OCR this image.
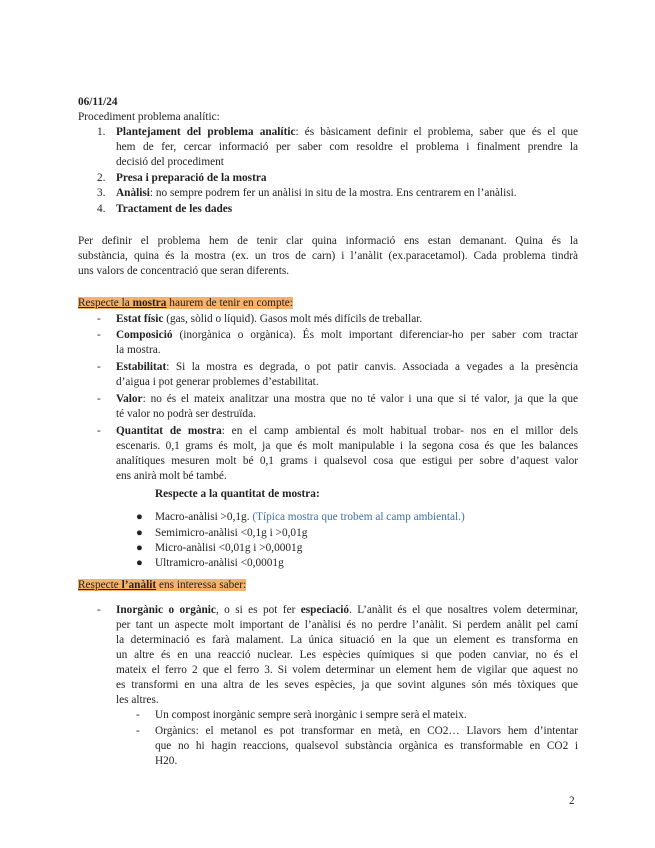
06/11/24
Procediment problema analític:
1. Plantejament del problema analític: és bàsicament definir el problema, saber que és el que
hem de fer, cercar informació per saber com resoldre el problema i finalment prendre la
decisió del procediment
2. Presa i preparació de la mostra
3. Anàlisi: no sempre podrem fer un anàlisi in situ de la mostra. Ens centrarem en l’anàlisi.
4. Tractament de les dades
Per definir el problema hem de tenir clar quina informació ens estan demanant. Quina és la
substància, quina és la mostra (ex. un tros de carn) i l’anàlit (ex.paracetamol). Cada problema tindrà
uns valors de concentració que seran diferents.
Respecte la mostra haurem de tenir en compte:
- Estat físic (gas, sòlid o líquid). Gasos molt més difícils de treballar.
- Composició (inorgànica o orgànica). És molt important diferenciar-ho per saber com tractar
la mostra.
- Estabilitat: Si la mostra es degrada, o pot patir canvis. Associada a vegades a la presència
d’aigua i pot generar problemes d’estabilitat.
- Valor: no és el mateix analitzar una mostra que no té valor i una que si té valor, ja que la que
té valor no podrà ser destruïda.
- Quantitat de mostra: en el camp ambiental és molt habitual trobar- nos en el millor dels
escenaris. 0,1 grams és molt, ja que és molt manipulable i la segona cosa és que les balances
analítiques mesuren molt bé 0,1 grams i qualsevol cosa que estigui per sobre d’aquest valor
ens anirà molt bé també.
Respecte a la quantitat de mostra:
● Macro-anàlisi >0,1g. (Típica mostra que trobem al camp ambiental.)
● Semimicro-anàlisi <0,1g i >0,01g
● Micro-anàlisi <0,01g i >0,0001g
● Ultramicro-anàlisi <0,0001g
Respecte l’anàlit ens interessa saber:
- Inorgànic o orgànic, o si es pot fer especiació. L’anàlit és el que nosaltres volem determinar,
per tant un aspecte molt important de l’anàlisi és no perdre l’anàlit. Si perdem anàlit pel camí
la determinació es farà malament. La única situació en la que un element es transforma en
un altre és en una reacció nuclear. Les espècies químiques si que poden canviar, no és el
mateix el ferro 2 que el ferro 3. Si volem determinar un element hem de vigilar que aquest no
es transformi en una altra de les seves espècies, ja que sovint algunes són més tòxiques que
les altres.
- Un compost inorgànic sempre serà inorgànic i sempre serà el mateix.
- Orgànics: el metanol es pot transformar en metà, en CO2… Llavors hem d’intentar
que no hi hagin reaccions, qualsevol substància orgànica es transformable en CO2 i
H20.
2
